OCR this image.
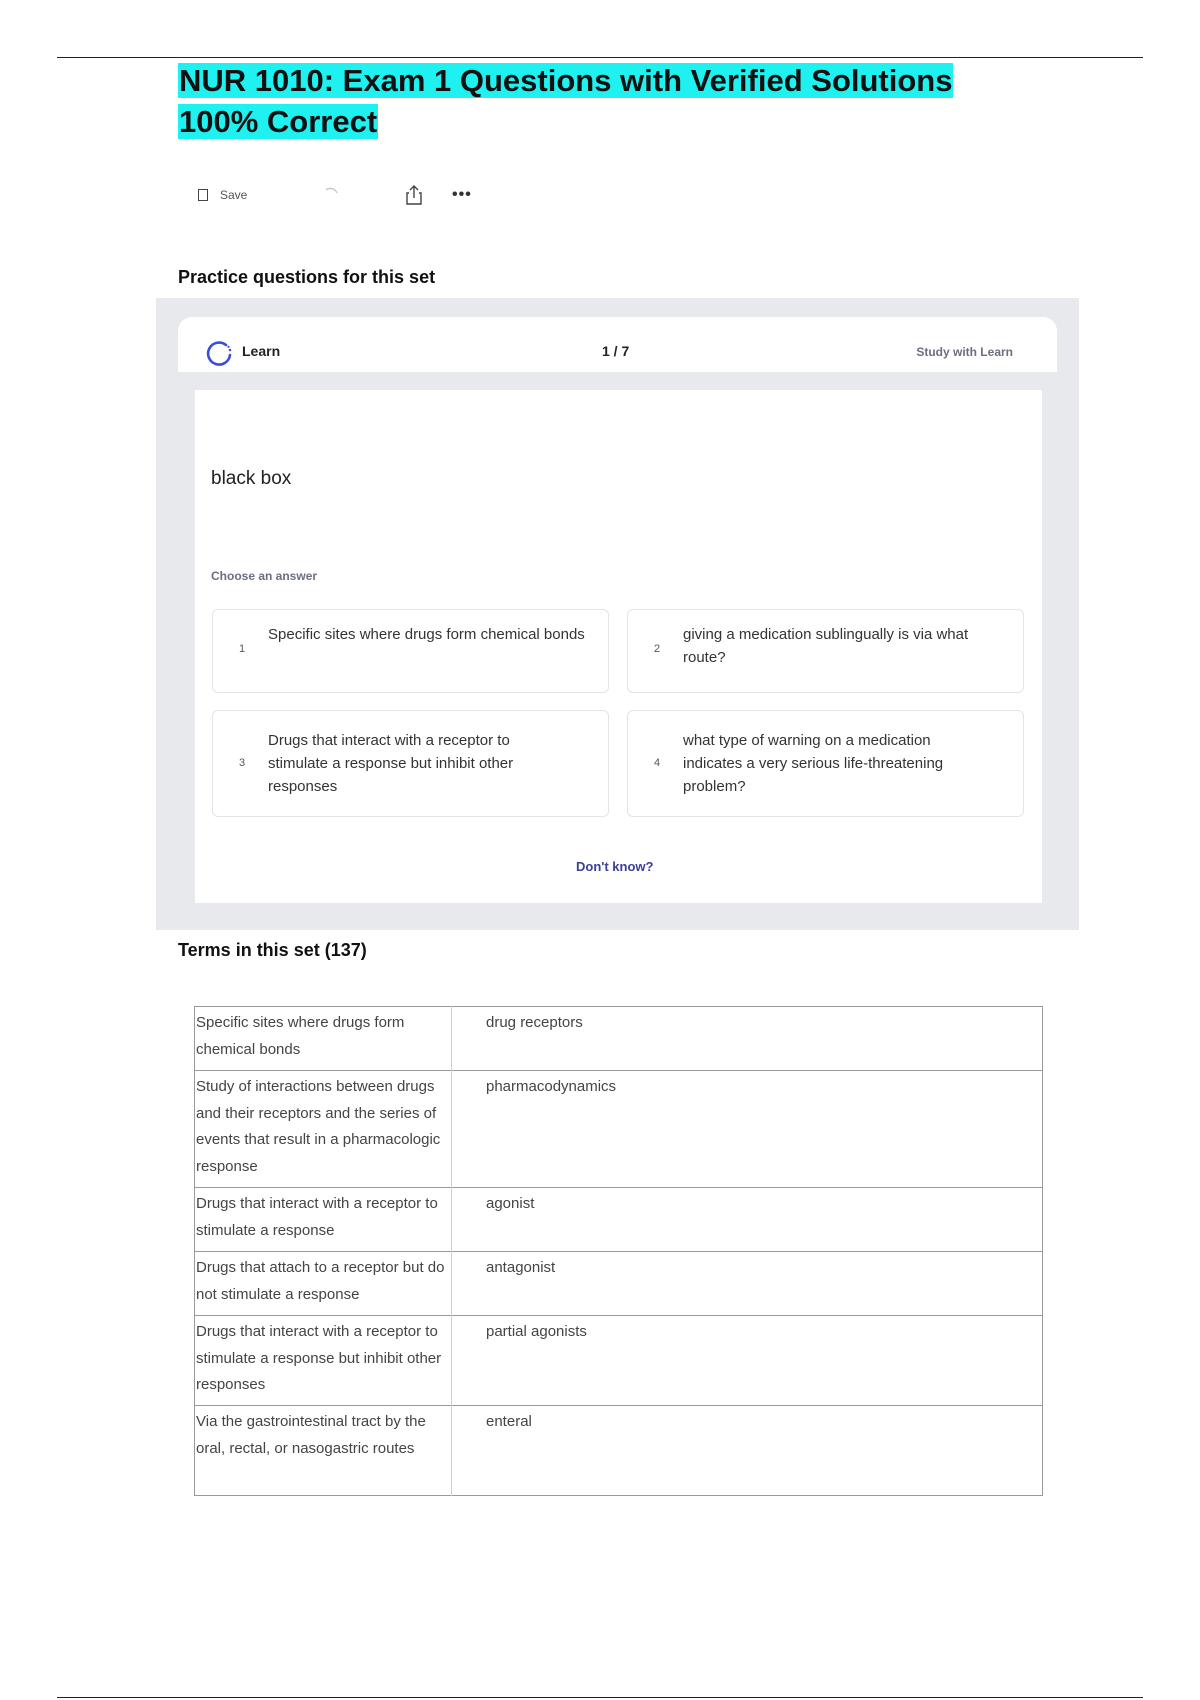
NUR 1010: Exam 1 Questions with Verified Solutions 100% Correct
Save	•••
Practice questions for this set
Learn	1 / 7	Study with Learn
black box
Choose an answer
1
Specific sites where drugs form chemical bonds
2
giving a medication sublingually is via what route?
3
Drugs that interact with a receptor to stimulate a response but inhibit other responses
4
what type of warning on a medication indicates a very serious life-threatening problem?
Don't know?
Terms in this set (137)
Specific sites where drugs form chemical bonds	drug receptors
Study of interactions between drugs and their receptors and the series of events that result in a pharmacologic response	pharmacodynamics
Drugs that interact with a receptor to stimulate a response	agonist
Drugs that attach to a receptor but do not stimulate a response	antagonist
Drugs that interact with a receptor to stimulate a response but inhibit other responses	partial agonists
Via the gastrointestinal tract by the oral, rectal, or nasogastric routes	enteral
